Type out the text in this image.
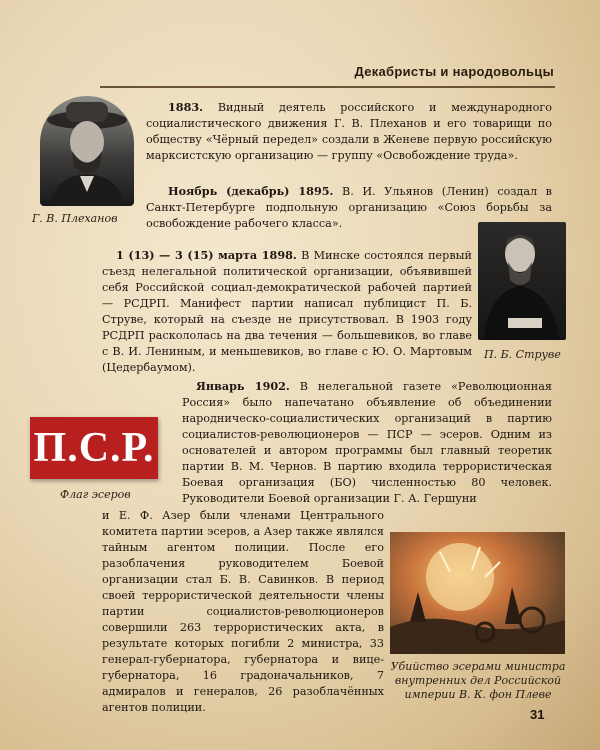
Декабристы и народовольцы
Г. В. Плеханов
1883. Видный деятель российского и международного социалистического движения Г. В. Плеханов и его товарищи по обществу «Чёрный передел» создали в Женеве первую российскую марксистскую организацию — группу «Освобождение труда».
Ноябрь (декабрь) 1895. В. И. Ульянов (Ленин) создал в Санкт-Петербурге подпольную организацию «Союз борьбы за освобождение рабочего класса».
П. Б. Струве
1 (13) — 3 (15) марта 1898. В Минске состоялся первый съезд нелегальной политической организации, объявившей себя Российской социал-демократической рабочей партией — РСДРП. Манифест партии написал публицист П. Б. Струве, который на съезде не присутствовал. В 1903 году РСДРП раскололась на два течения — большевиков, во главе с В. И. Лениным, и меньшевиков, во главе с Ю. О. Мартовым (Цедербаумом).
П.С.Р.
Флаг эсеров
Январь 1902. В нелегальной газете «Революционная Россия» было напечатано объявление об объединении народническо-социалистических организаций в партию социалистов-революционеров — ПСР — эсеров. Одним из основателей и автором программы был главный теоретик партии В. М. Чернов. В партию входила террористическая Боевая организация (БО) численностью 80 человек. Руководители Боевой организации Г. А. Гершуни
и Е. Ф. Азер были членами Центрального комитета партии эсеров, а Азер также являлся тайным агентом полиции. После его разоблачения руководителем Боевой организации стал Б. В. Савинков. В период своей террористической деятельности члены партии социалистов-революционеров совершили 263 террористических акта, в результате которых погибли 2 министра, 33 генерал-губернатора, губернатора и вице-губернатора, 16 градоначальников, 7 адмиралов и генералов, 26 разоблачённых агентов полиции.
Убийство эсерами министра внутренних дел Российской империи В. К. фон Плеве
31
